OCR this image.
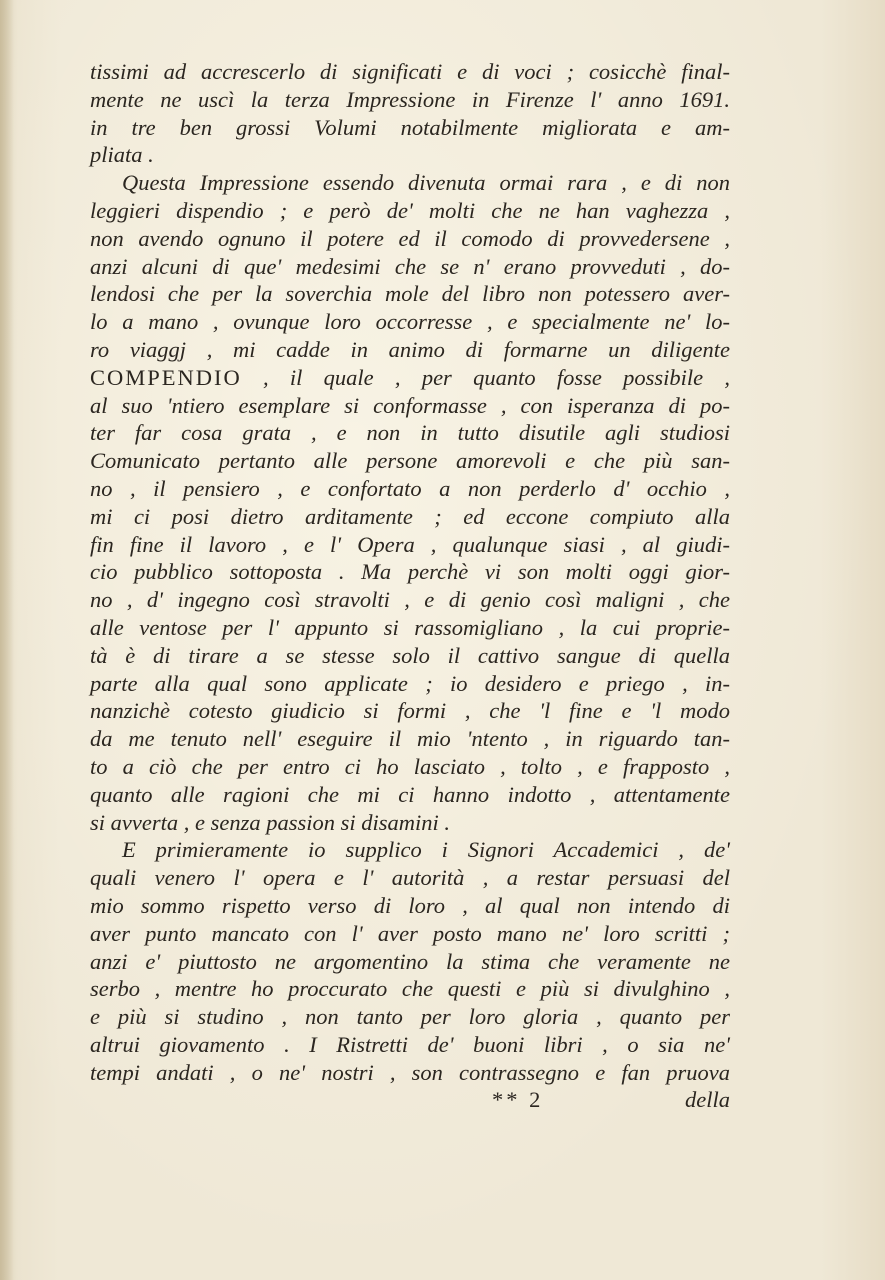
tissimi ad accrescerlo di significati e di voci ; cosicchè final-
mente ne uscì la terza Impressione in Firenze l' anno 1691.
in tre ben grossi Volumi notabilmente migliorata e am-
pliata .
Questa Impressione essendo divenuta ormai rara , e di non
leggieri dispendio ; e però de' molti che ne han vaghezza ,
non avendo ognuno il potere ed il comodo di provvedersene ,
anzi alcuni di que' medesimi che se n' erano provveduti , do-
lendosi che per la soverchia mole del libro non potessero aver-
lo a mano , ovunque loro occorresse , e specialmente ne' lo-
ro viaggj , mi cadde in animo di formarne un diligente
COMPENDIO , il quale , per quanto fosse possibile ,
al suo 'ntiero esemplare si conformasse , con isperanza di po-
ter far cosa grata , e non in tutto disutile agli studiosi
Comunicato pertanto alle persone amorevoli e che più san-
no , il pensiero , e confortato a non perderlo d' occhio ,
mi ci posi dietro arditamente ; ed eccone compiuto alla
fin fine il lavoro , e l' Opera , qualunque siasi , al giudi-
cio pubblico sottoposta . Ma perchè vi son molti oggi gior-
no , d' ingegno così stravolti , e di genio così maligni , che
alle ventose per l' appunto si rassomigliano , la cui proprie-
tà è di tirare a se stesse solo il cattivo sangue di quella
parte alla qual sono applicate ; io desidero e priego , in-
nanzichè cotesto giudicio si formi , che 'l fine e 'l modo
da me tenuto nell' eseguire il mio 'ntento , in riguardo tan-
to a ciò che per entro ci ho lasciato , tolto , e frapposto ,
quanto alle ragioni che mi ci hanno indotto , attentamente
si avverta , e senza passion si disamini .
E primieramente io supplico i Signori Accademici , de'
quali venero l' opera e l' autorità , a restar persuasi del
mio sommo rispetto verso di loro , al qual non intendo di
aver punto mancato con l' aver posto mano ne' loro scritti ;
anzi e' piuttosto ne argomentino la stima che veramente ne
serbo , mentre ho proccurato che questi e più si divulghino ,
e più si studino , non tanto per loro gloria , quanto per
altrui giovamento . I Ristretti de' buoni libri , o sia ne'
tempi andati , o ne' nostri , son contrassegno e fan pruova
** 2	della
